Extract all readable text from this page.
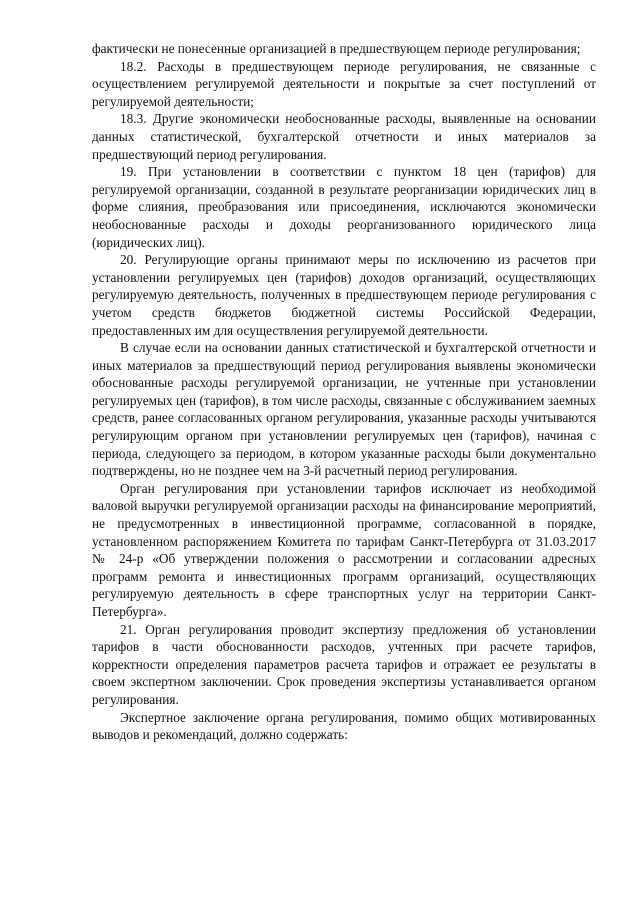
фактически не понесенные организацией в предшествующем периоде регулирования;

18.2. Расходы в предшествующем периоде регулирования, не связанные с осуществлением регулируемой деятельности и покрытые за счет поступлений от регулируемой деятельности;

18.3. Другие экономически необоснованные расходы, выявленные на основании данных статистической, бухгалтерской отчетности и иных материалов за предшествующий период регулирования.

19. При установлении в соответствии с пунктом 18 цен (тарифов) для регулируемой организации, созданной в результате реорганизации юридических лиц в форме слияния, преобразования или присоединения, исключаются экономически необоснованные расходы и доходы реорганизованного юридического лица (юридических лиц).

20. Регулирующие органы принимают меры по исключению из расчетов при установлении регулируемых цен (тарифов) доходов организаций, осуществляющих регулируемую деятельность, полученных в предшествующем периоде регулирования с учетом средств бюджетов бюджетной системы Российской Федерации, предоставленных им для осуществления регулируемой деятельности.

В случае если на основании данных статистической и бухгалтерской отчетности и иных материалов за предшествующий период регулирования выявлены экономически обоснованные расходы регулируемой организации, не учтенные при установлении регулируемых цен (тарифов), в том числе расходы, связанные с обслуживанием заемных средств, ранее согласованных органом регулирования, указанные расходы учитываются регулирующим органом при установлении регулируемых цен (тарифов), начиная с периода, следующего за периодом, в котором указанные расходы были документально подтверждены, но не позднее чем на 3-й расчетный период регулирования.

Орган регулирования при установлении тарифов исключает из необходимой валовой выручки регулируемой организации расходы на финансирование мероприятий, не предусмотренных в инвестиционной программе, согласованной в порядке, установленном распоряжением Комитета по тарифам Санкт-Петербурга от 31.03.2017 № 24-р «Об утверждении положения о рассмотрении и согласовании адресных программ ремонта и инвестиционных программ организаций, осуществляющих регулируемую деятельность в сфере транспортных услуг на территории Санкт-Петербурга».

21. Орган регулирования проводит экспертизу предложения об установлении тарифов в части обоснованности расходов, учтенных при расчете тарифов, корректности определения параметров расчета тарифов и отражает ее результаты в своем экспертном заключении. Срок проведения экспертизы устанавливается органом регулирования.

Экспертное заключение органа регулирования, помимо общих мотивированных выводов и рекомендаций, должно содержать:
